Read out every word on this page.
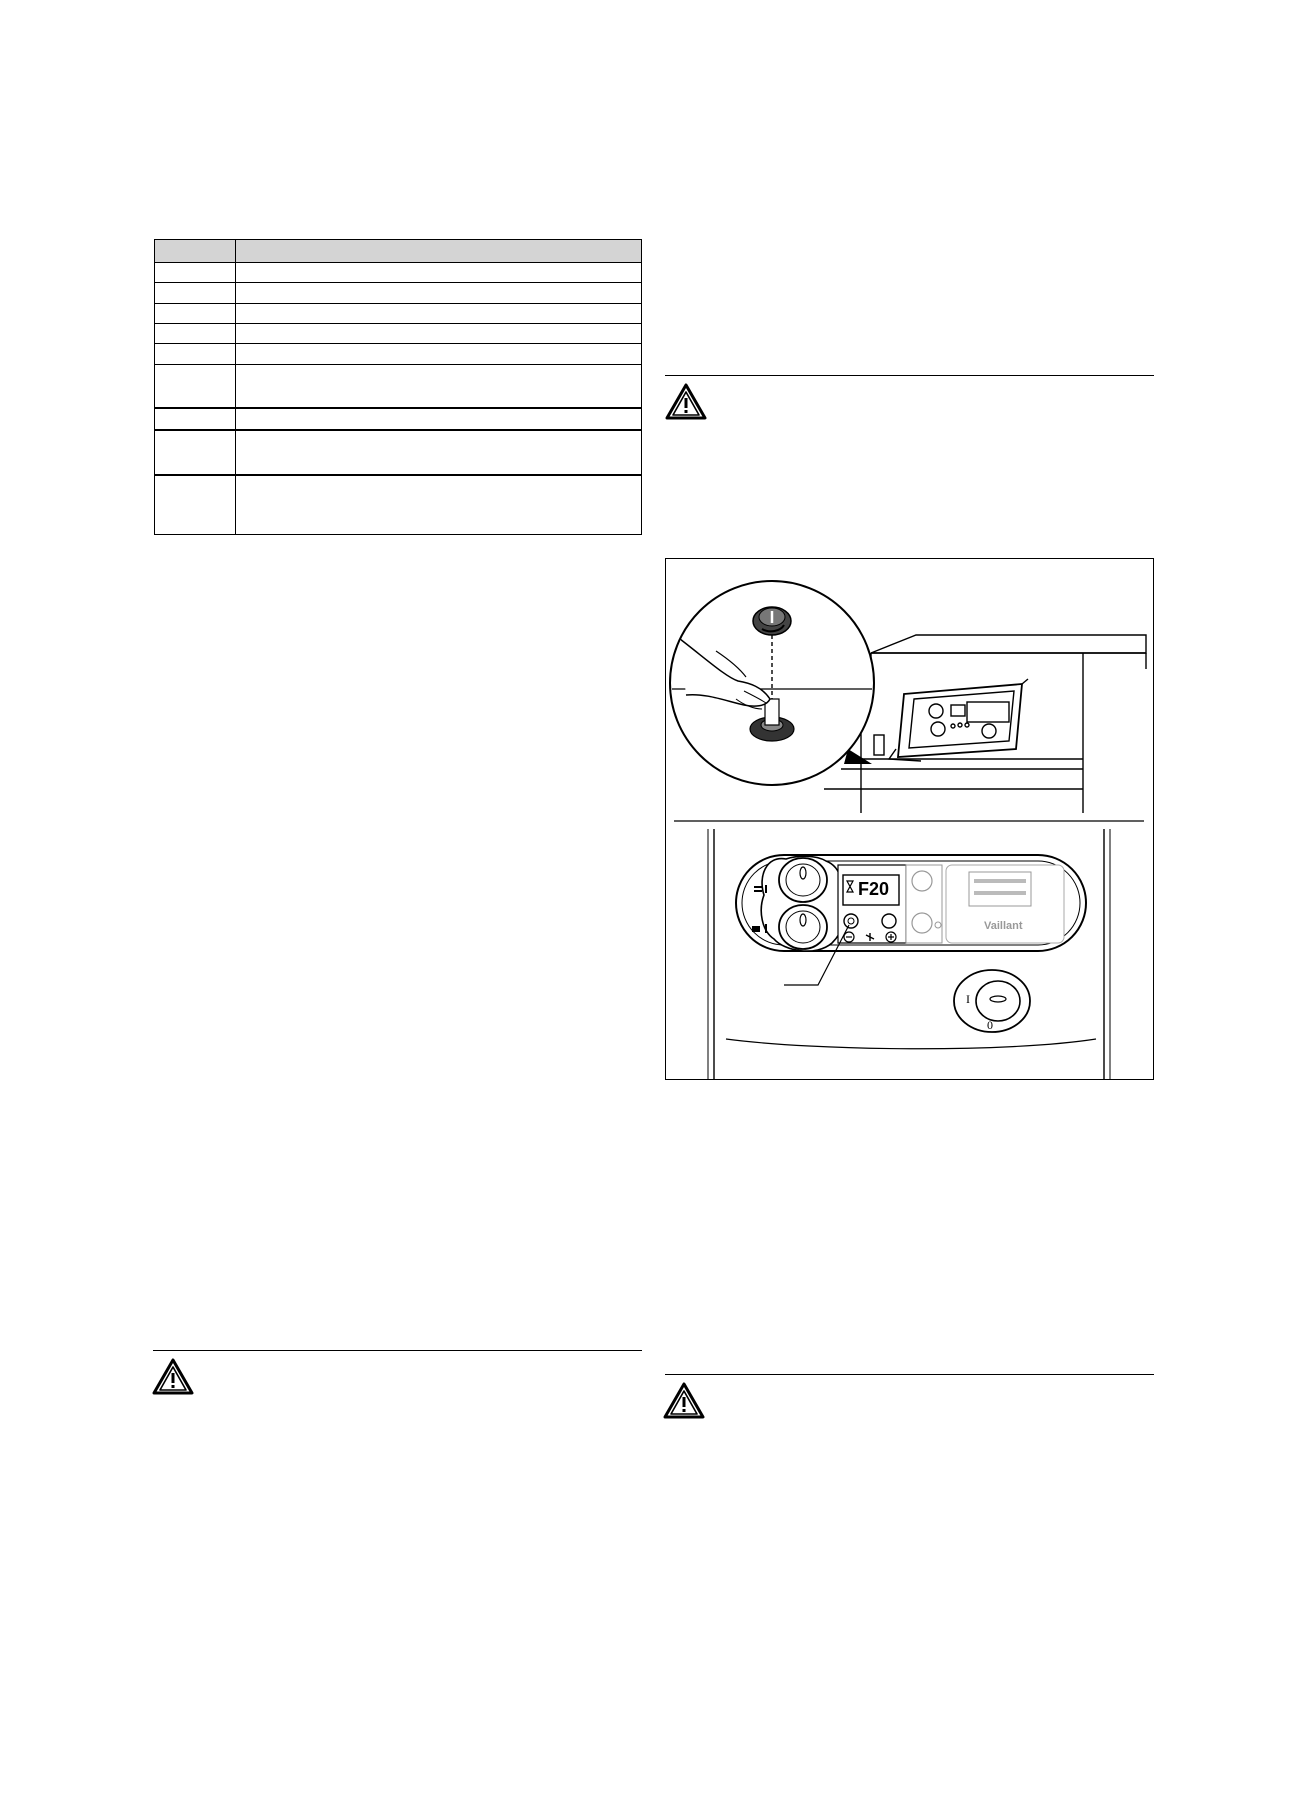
F20
Vaillant
I
0
